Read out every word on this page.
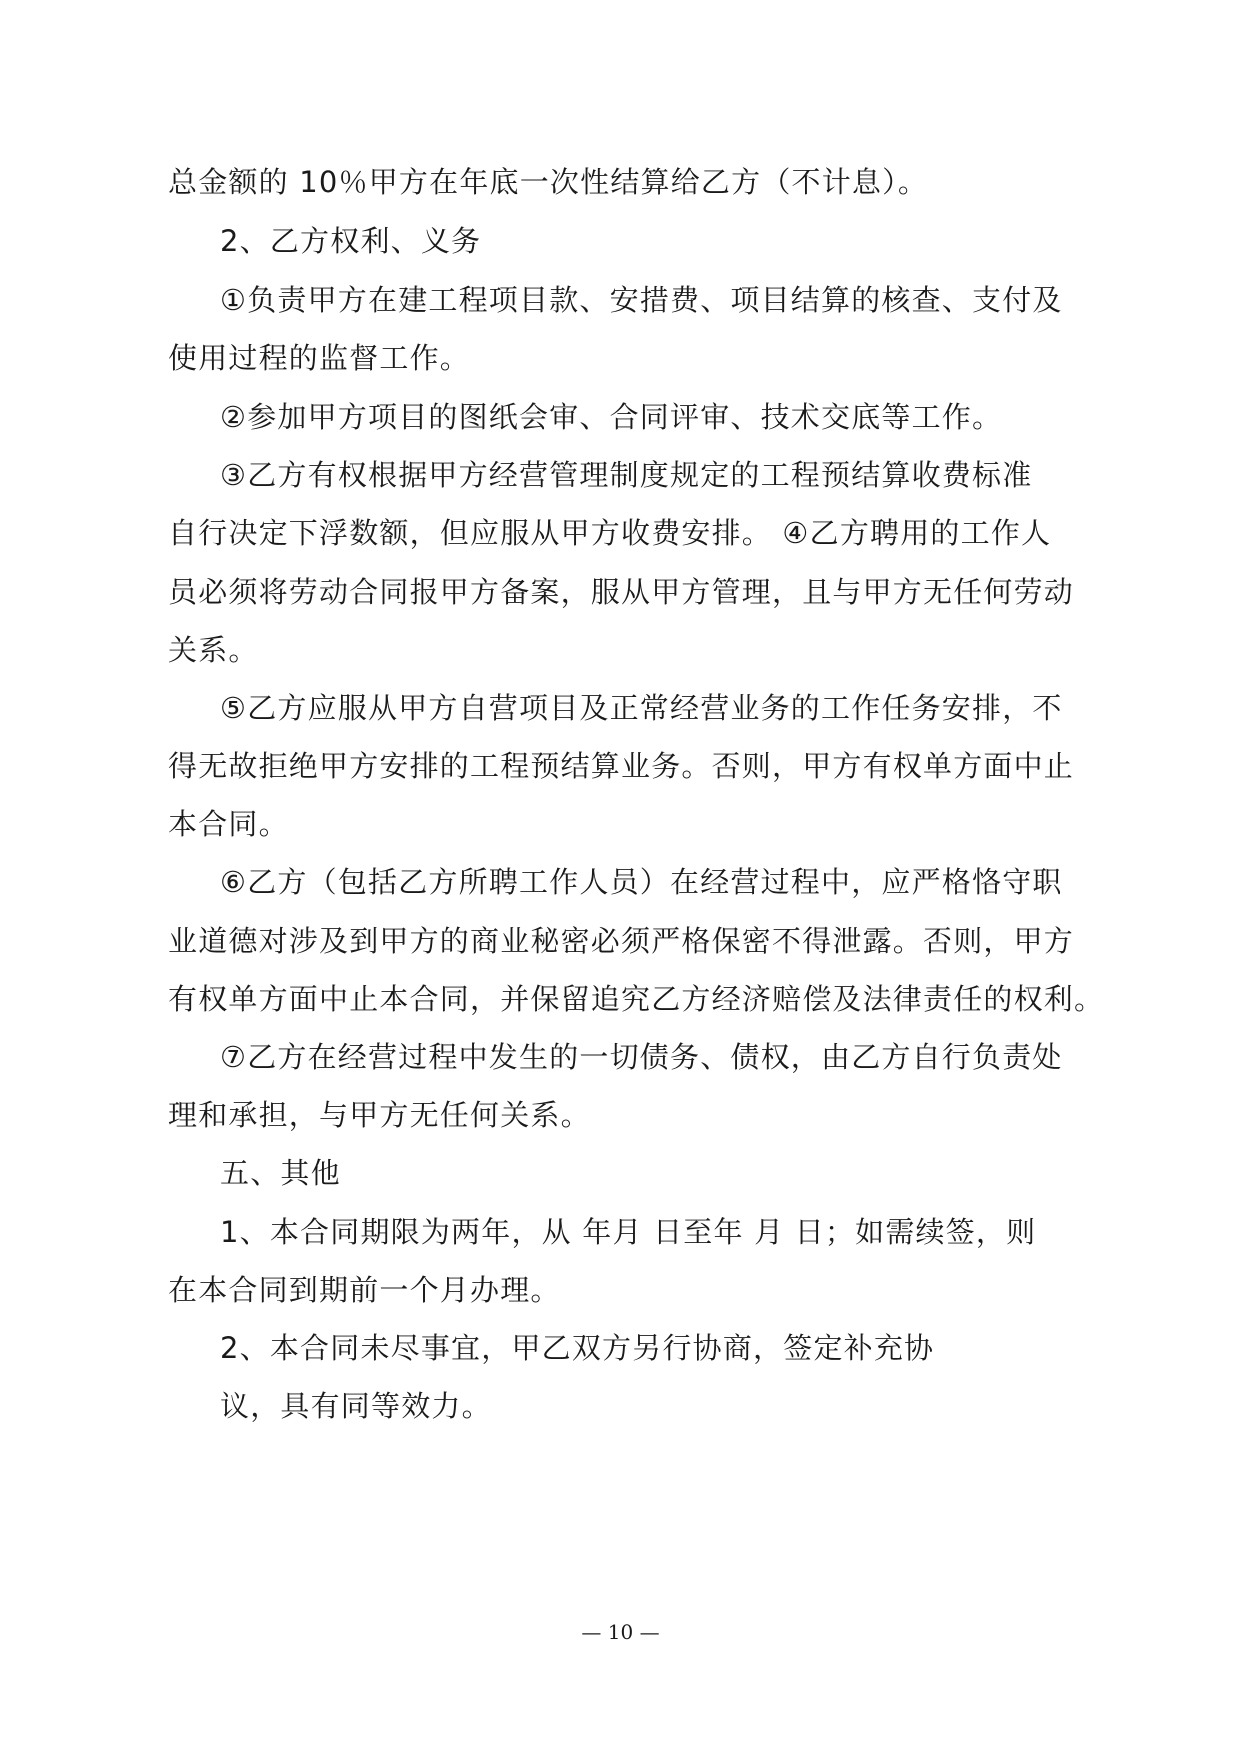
总金额的 10％甲方在年底一次性结算给乙方（不计息）。
2、乙方权利、义务
①负责甲方在建工程项目款、安措费、项目结算的核查、支付及
使用过程的监督工作。
②参加甲方项目的图纸会审、合同评审、技术交底等工作。
③乙方有权根据甲方经营管理制度规定的工程预结算收费标准
自行决定下浮数额，但应服从甲方收费安排。 ④乙方聘用的工作人
员必须将劳动合同报甲方备案，服从甲方管理，且与甲方无任何劳动
关系。
⑤乙方应服从甲方自营项目及正常经营业务的工作任务安排，不
得无故拒绝甲方安排的工程预结算业务。否则，甲方有权单方面中止
本合同。
⑥乙方（包括乙方所聘工作人员）在经营过程中，应严格恪守职
业道德对涉及到甲方的商业秘密必须严格保密不得泄露。否则，甲方
有权单方面中止本合同，并保留追究乙方经济赔偿及法律责任的权利。
⑦乙方在经营过程中发生的一切债务、债权，由乙方自行负责处
理和承担，与甲方无任何关系。
五、其他
1、本合同期限为两年，从 年月 日至年 月 日；如需续签，则
在本合同到期前一个月办理。
2、本合同未尽事宜，甲乙双方另行协商，签定补充协
议，具有同等效力。
— 10 —
